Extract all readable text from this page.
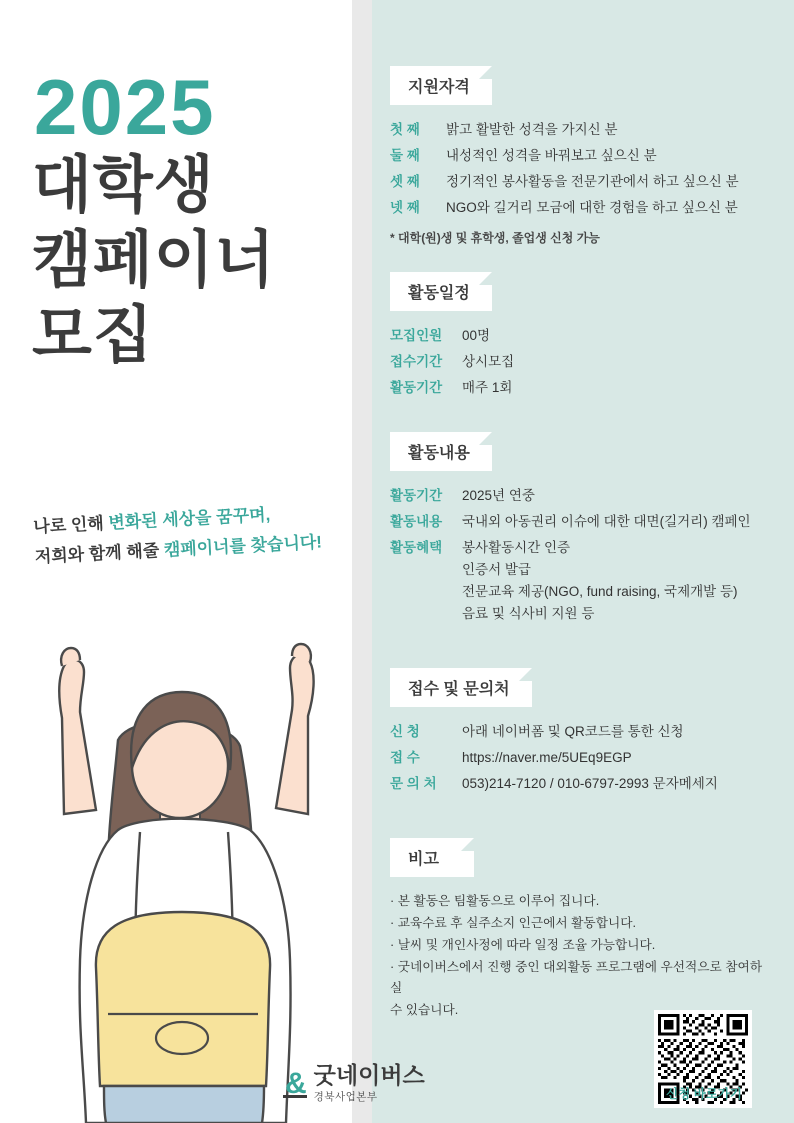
2025
대학생
캠페이너
모집
나로 인해 변화된 세상을 꿈꾸며,
저희와 함께 해줄 캠페이너를 찾습니다!
& 굿네이버스
경북사업본부
지원자격
첫 째	밝고 활발한 성격을 가지신 분
둘 째	내성적인 성격을 바꿔보고 싶으신 분
셋 째	정기적인 봉사활동을 전문기관에서 하고 싶으신 분
넷 째	NGO와 길거리 모금에 대한 경험을 하고 싶으신 분
* 대학(원)생 및 휴학생, 졸업생 신청 가능
활동일정
모집인원	00명
접수기간	상시모집
활동기간	매주 1회
활동내용
활동기간	2025년 연중
활동내용	국내외 아동권리 이슈에 대한 대면(길거리) 캠페인
활동혜택	봉사활동시간 인증
인증서 발급
전문교육 제공(NGO, fund raising, 국제개발 등)
음료 및 식사비 지원 등
접수 및 문의처
신 청	아래 네이버폼 및 QR코드를 통한 신청
접 수	https://naver.me/5UEq9EGP
문 의 처	053)214-7120 / 010-6797-2993 문자메세지
비고
· 본 활동은 팀활동으로 이루어 집니다.
· 교육수료 후 실주소지 인근에서 활동합니다.
· 날씨 및 개인사정에 따라 일정 조율 가능합니다.
· 굿네이버스에서 진행 중인 대외활동 프로그램에 우선적으로 참여하실
수 있습니다.
신청 바로가기
